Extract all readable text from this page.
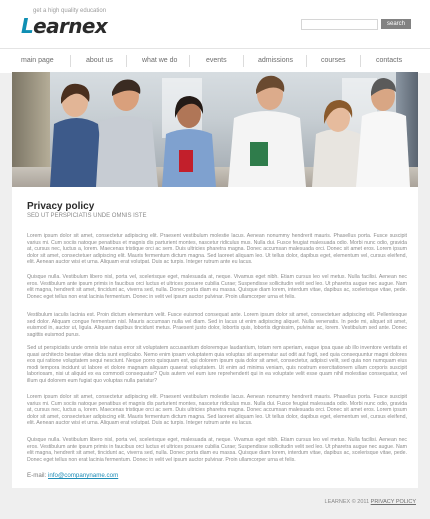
get a high quality education
Learnex	search
main page	about us	what we do	events	admissions	courses	contacts
Privacy policy
SED UT PERSPICIATIS UNDE OMNIS ISTE

Lorem ipsum dolor sit amet, consectetur adipiscing elit. Praesent vestibulum molestie lacus. Aenean nonummy hendrerit mauris. Phasellus porta. Fusce suscipit varius mi. Cum sociis natoque penatibus et magnis dis parturient montes, nascetur ridiculus mus. Nulla dui. Fusce feugiat malesuada odio. Morbi nunc odio, gravida at, cursus nec, luctus a, lorem. Maecenas tristique orci ac sem. Duis ultricies pharetra magna. Donec accumsan malesuada orci. Donec sit amet eros. Lorem ipsum dolor sit amet, consectetuer adipiscing elit. Mauris fermentum dictum magna. Sed laoreet aliquam leo. Ut tellus dolor, dapibus eget, elementum vel, cursus eleifend, elit. Aenean auctor wisi et urna. Aliquam erat volutpat. Duis ac turpis. Integer rutrum ante eu lacus.

Quisque nulla. Vestibulum libero nisl, porta vel, scelerisque eget, malesuada at, neque. Vivamus eget nibh. Etiam cursus leo vel metus. Nulla facilisi. Aenean nec eros. Vestibulum ante ipsum primis in faucibus orci luctus et ultrices posuere cubilia Curae; Suspendisse sollicitudin velit sed leo. Ut pharetra augue nec augue. Nam elit magna, hendrerit sit amet, tincidunt ac, viverra sed, nulla. Donec porta diam eu massa. Quisque diam lorem, interdum vitae, dapibus ac, scelerisque vitae, pede. Donec eget tellus non erat lacinia fermentum. Donec in velit vel ipsum auctor pulvinar. Proin ullamcorper urna et felis.

Vestibulum iaculis lacinia est. Proin dictum elementum velit. Fusce euismod consequat ante. Lorem ipsum dolor sit amet, consectetuer adipiscing elit. Pellentesque sed dolor. Aliquam congue fermentum nisl. Mauris accumsan nulla vel diam. Sed in lacus ut enim adipiscing aliquet. Nulla venenatis. In pede mi, aliquet sit amet, euismod in, auctor ut, ligula. Aliquam dapibus tincidunt metus. Praesent justo dolor, lobortis quis, lobortis dignissim, pulvinar ac, lorem. Vestibulum sed ante. Donec sagittis euismod purus.

Sed ut perspiciatis unde omnis iste natus error sit voluptatem accusantium doloremque laudantium, totam rem aperiam, eaque ipsa quae ab illo inventore veritatis et quasi architecto beatae vitae dicta sunt explicabo. Nemo enim ipsam voluptatem quia voluptas sit aspernatur aut odit aut fugit, sed quia consequuntur magni dolores eos qui ratione voluptatem sequi nesciunt. Neque porro quisquam est, qui dolorem ipsum quia dolor sit amet, consectetur, adipisci velit, sed quia non numquam eius modi tempora incidunt ut labore et dolore magnam aliquam quaerat voluptatem. Ut enim ad minima veniam, quis nostrum exercitationem ullam corporis suscipit laboriosam, nisi ut aliquid ex ea commodi consequatur? Quis autem vel eum iure reprehenderit qui in ea voluptate velit esse quam nihil molestiae consequatur, vel illum qui dolorem eum fugiat quo voluptas nulla pariatur?

Lorem ipsum dolor sit amet, consectetur adipiscing elit. Praesent vestibulum molestie lacus. Aenean nonummy hendrerit mauris. Phasellus porta. Fusce suscipit varius mi. Cum sociis natoque penatibus et magnis dis parturient montes, nascetur ridiculus mus. Nulla dui. Fusce feugiat malesuada odio. Morbi nunc odio, gravida at, cursus nec, luctus a, lorem. Maecenas tristique orci ac sem. Duis ultricies pharetra magna. Donec accumsan malesuada orci. Donec sit amet eros. Lorem ipsum dolor sit amet, consectetuer adipiscing elit. Mauris fermentum dictum magna. Sed laoreet aliquam leo. Ut tellus dolor, dapibus eget, elementum vel, cursus eleifend, elit. Aenean auctor wisi et urna. Aliquam erat volutpat. Duis ac turpis. Integer rutrum ante eu lacus.

Quisque nulla. Vestibulum libero nisl, porta vel, scelerisque eget, malesuada at, neque. Vivamus eget nibh. Etiam cursus leo vel metus. Nulla facilisi. Aenean nec eros. Vestibulum ante ipsum primis in faucibus orci luctus et ultrices posuere cubilia Curae; Suspendisse sollicitudin velit sed leo. Ut pharetra augue nec augue. Nam elit magna, hendrerit sit amet, tincidunt ac, viverra sed, nulla. Donec porta diam eu massa. Quisque diam lorem, interdum vitae, dapibus ac, scelerisque vitae, pede. Donec eget tellus non erat lacinia fermentum. Donec in velit vel ipsum auctor pulvinar. Proin ullamcorper urna et felis.

E-mail: info@companyname.com
LEARNEX © 2011 PRIVACY POLICY
